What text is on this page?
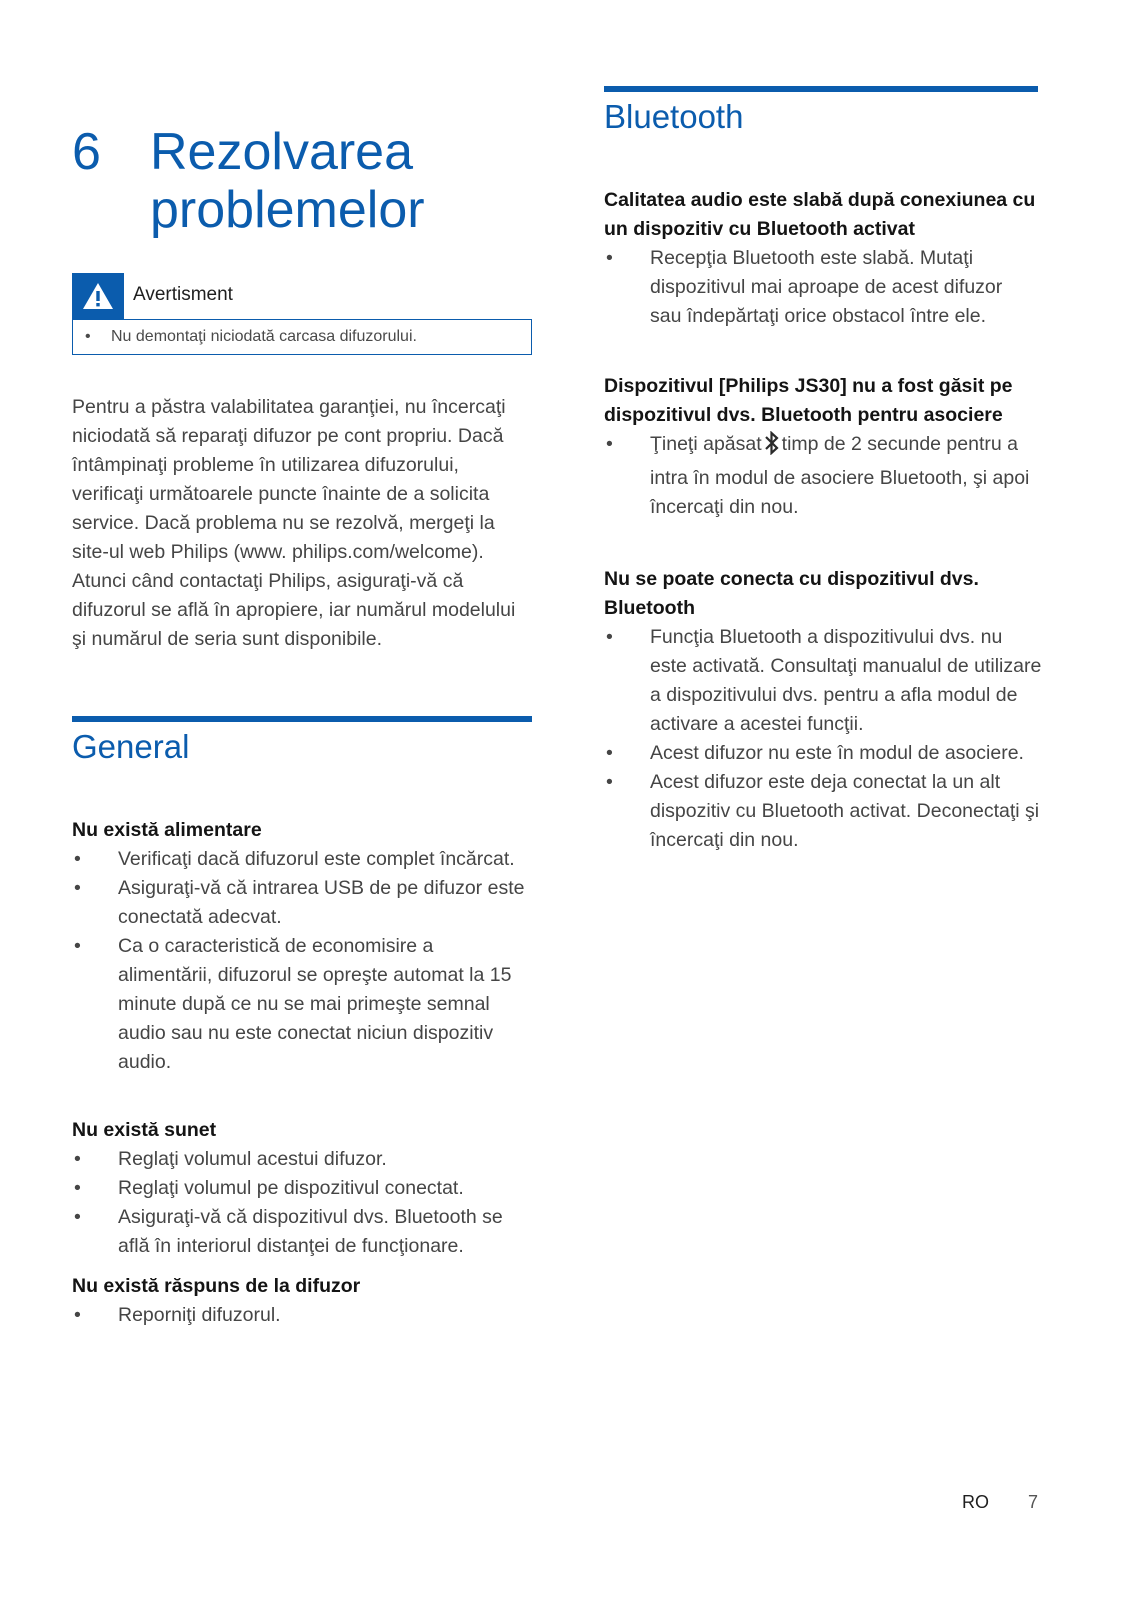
6 Rezolvarea problemelor
Avertisment
• Nu demontaţi niciodată carcasa difuzorului.

Pentru a păstra valabilitatea garanţiei, nu încercaţi niciodată să reparaţi difuzor pe cont propriu. Dacă întâmpinaţi probleme în utilizarea difuzorului, verificaţi următoarele puncte înainte de a solicita service. Dacă problema nu se rezolvă, mergeţi la site-ul web Philips (www. philips.com/welcome). Atunci când contactaţi Philips, asiguraţi-vă că difuzorul se află în apropiere, iar numărul modelului şi numărul de seria sunt disponibile.

General
Nu există alimentare
• Verificaţi dacă difuzorul este complet încărcat.
• Asiguraţi-vă că intrarea USB de pe difuzor este conectată adecvat.
• Ca o caracteristică de economisire a alimentării, difuzorul se opreşte automat la 15 minute după ce nu se mai primeşte semnal audio sau nu este conectat niciun dispozitiv audio.
Nu există sunet
• Reglaţi volumul acestui difuzor.
• Reglaţi volumul pe dispozitivul conectat.
• Asiguraţi-vă că dispozitivul dvs. Bluetooth se află în interiorul distanţei de funcţionare.
Nu există răspuns de la difuzor
• Reporniţi difuzorul.
Bluetooth
Calitatea audio este slabă după conexiunea cu un dispozitiv cu Bluetooth activat
• Recepţia Bluetooth este slabă. Mutaţi dispozitivul mai aproape de acest difuzor sau îndepărtaţi orice obstacol între ele.
Dispozitivul [Philips JS30] nu a fost găsit pe dispozitivul dvs. Bluetooth pentru asociere
• Ţineţi apăsat timp de 2 secunde pentru a intra în modul de asociere Bluetooth, şi apoi încercaţi din nou.
Nu se poate conecta cu dispozitivul dvs. Bluetooth
• Funcţia Bluetooth a dispozitivului dvs. nu este activată. Consultaţi manualul de utilizare a dispozitivului dvs. pentru a afla modul de activare a acestei funcţii.
• Acest difuzor nu este în modul de asociere.
• Acest difuzor este deja conectat la un alt dispozitiv cu Bluetooth activat. Deconectaţi şi încercaţi din nou.
RO 7
